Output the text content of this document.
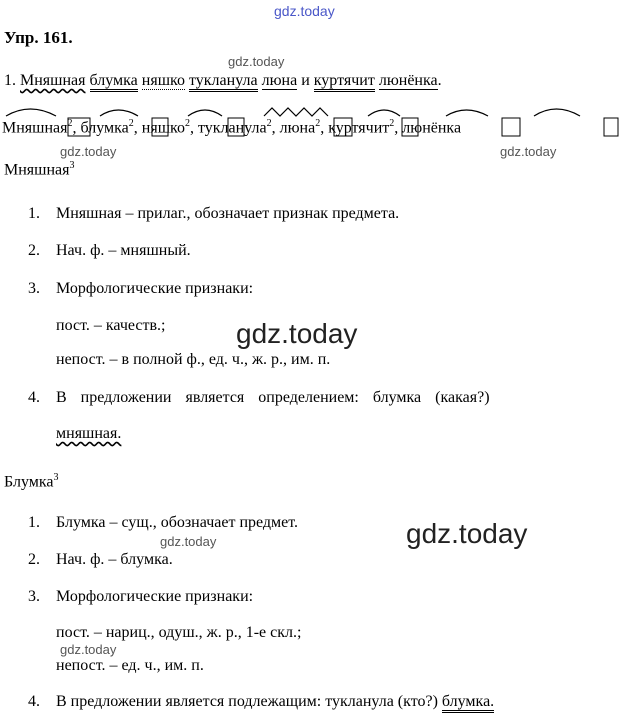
gdz.today
gdz.today
gdz.today	gdz.today
gdz.today
gdz.today
gdz.today
gdz.today
Упр. 161.
1. Мняшная блумка няшко тукланула люна и куртячит люнёнка.
Мняшная$^2$, блумка$^2$, няшко$^2$, тукланула$^2$, люна$^2$, куртячит$^2$, люнёнка
Мняшная$^3$
1. Мняшная – прилаг., обозначает признак предмета.
2. Нач. ф. – мняшный.
3. Морфологические признаки:
пост. – качеств.;
непост. – в полной ф., ед. ч., ж. р., им. п.
4. В предложении является определением: блумка (какая?)
мняшная.
Блумка$^3$
1. Блумка – сущ., обозначает предмет.
2. Нач. ф. – блумка.
3. Морфологические признаки:
пост. – нариц., одуш., ж. р., 1-е скл.;
непост. – ед. ч., им. п.
4. В предложении является подлежащим: тукланула (кто?) блумка.
